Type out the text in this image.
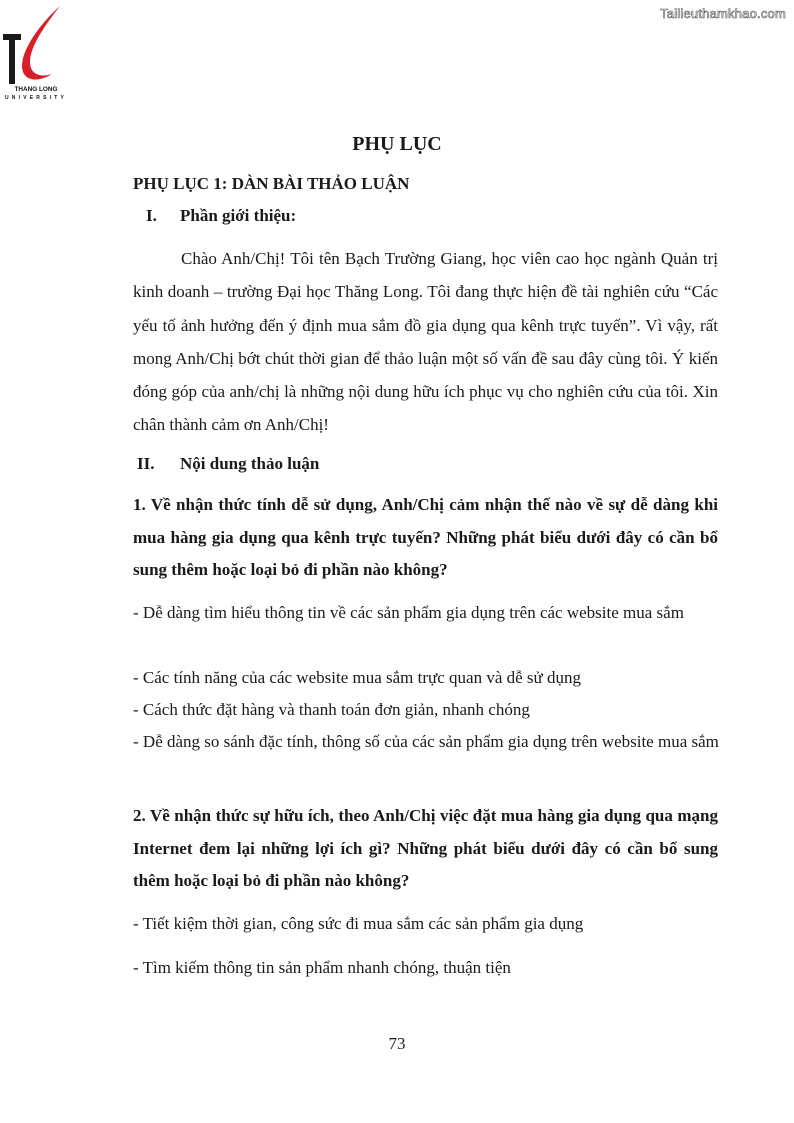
Tailieuthamkhao.com
THANG LONG
UNIVERSITY
PHỤ LỤC
PHỤ LỤC 1: DÀN BÀI THẢO LUẬN
I. Phần giới thiệu:

Chào Anh/Chị! Tôi tên Bạch Trường Giang, học viên cao học ngành Quản trị kinh doanh – trường Đại học Thăng Long. Tôi đang thực hiện đề tài nghiên cứu “Các yếu tố ảnh hưởng đến ý định mua sắm đồ gia dụng qua kênh trực tuyến”. Vì vậy, rất mong Anh/Chị bớt chút thời gian để thảo luận một số vấn đề sau đây cùng tôi. Ý kiến đóng góp của anh/chị là những nội dung hữu ích phục vụ cho nghiên cứu của tôi. Xin chân thành cảm ơn Anh/Chị!

II. Nội dung thảo luận

1. Về nhận thức tính dễ sử dụng, Anh/Chị cảm nhận thế nào về sự dễ dàng khi mua hàng gia dụng qua kênh trực tuyến? Những phát biểu dưới đây có cần bổ sung thêm hoặc loại bỏ đi phần nào không?

- Dễ dàng tìm hiểu thông tin về các sản phẩm gia dụng trên các website mua sắm

- Các tính năng của các website mua sắm trực quan và dễ sử dụng

- Cách thức đặt hàng và thanh toán đơn giản, nhanh chóng

- Dễ dàng so sánh đặc tính, thông số của các sản phẩm gia dụng trên website mua sắm

2. Về nhận thức sự hữu ích, theo Anh/Chị việc đặt mua hàng gia dụng qua mạng Internet đem lại những lợi ích gì? Những phát biểu dưới đây có cần bổ sung thêm hoặc loại bỏ đi phần nào không?

- Tiết kiệm thời gian, công sức đi mua sắm các sản phẩm gia dụng

- Tìm kiếm thông tin sản phẩm nhanh chóng, thuận tiện

73
